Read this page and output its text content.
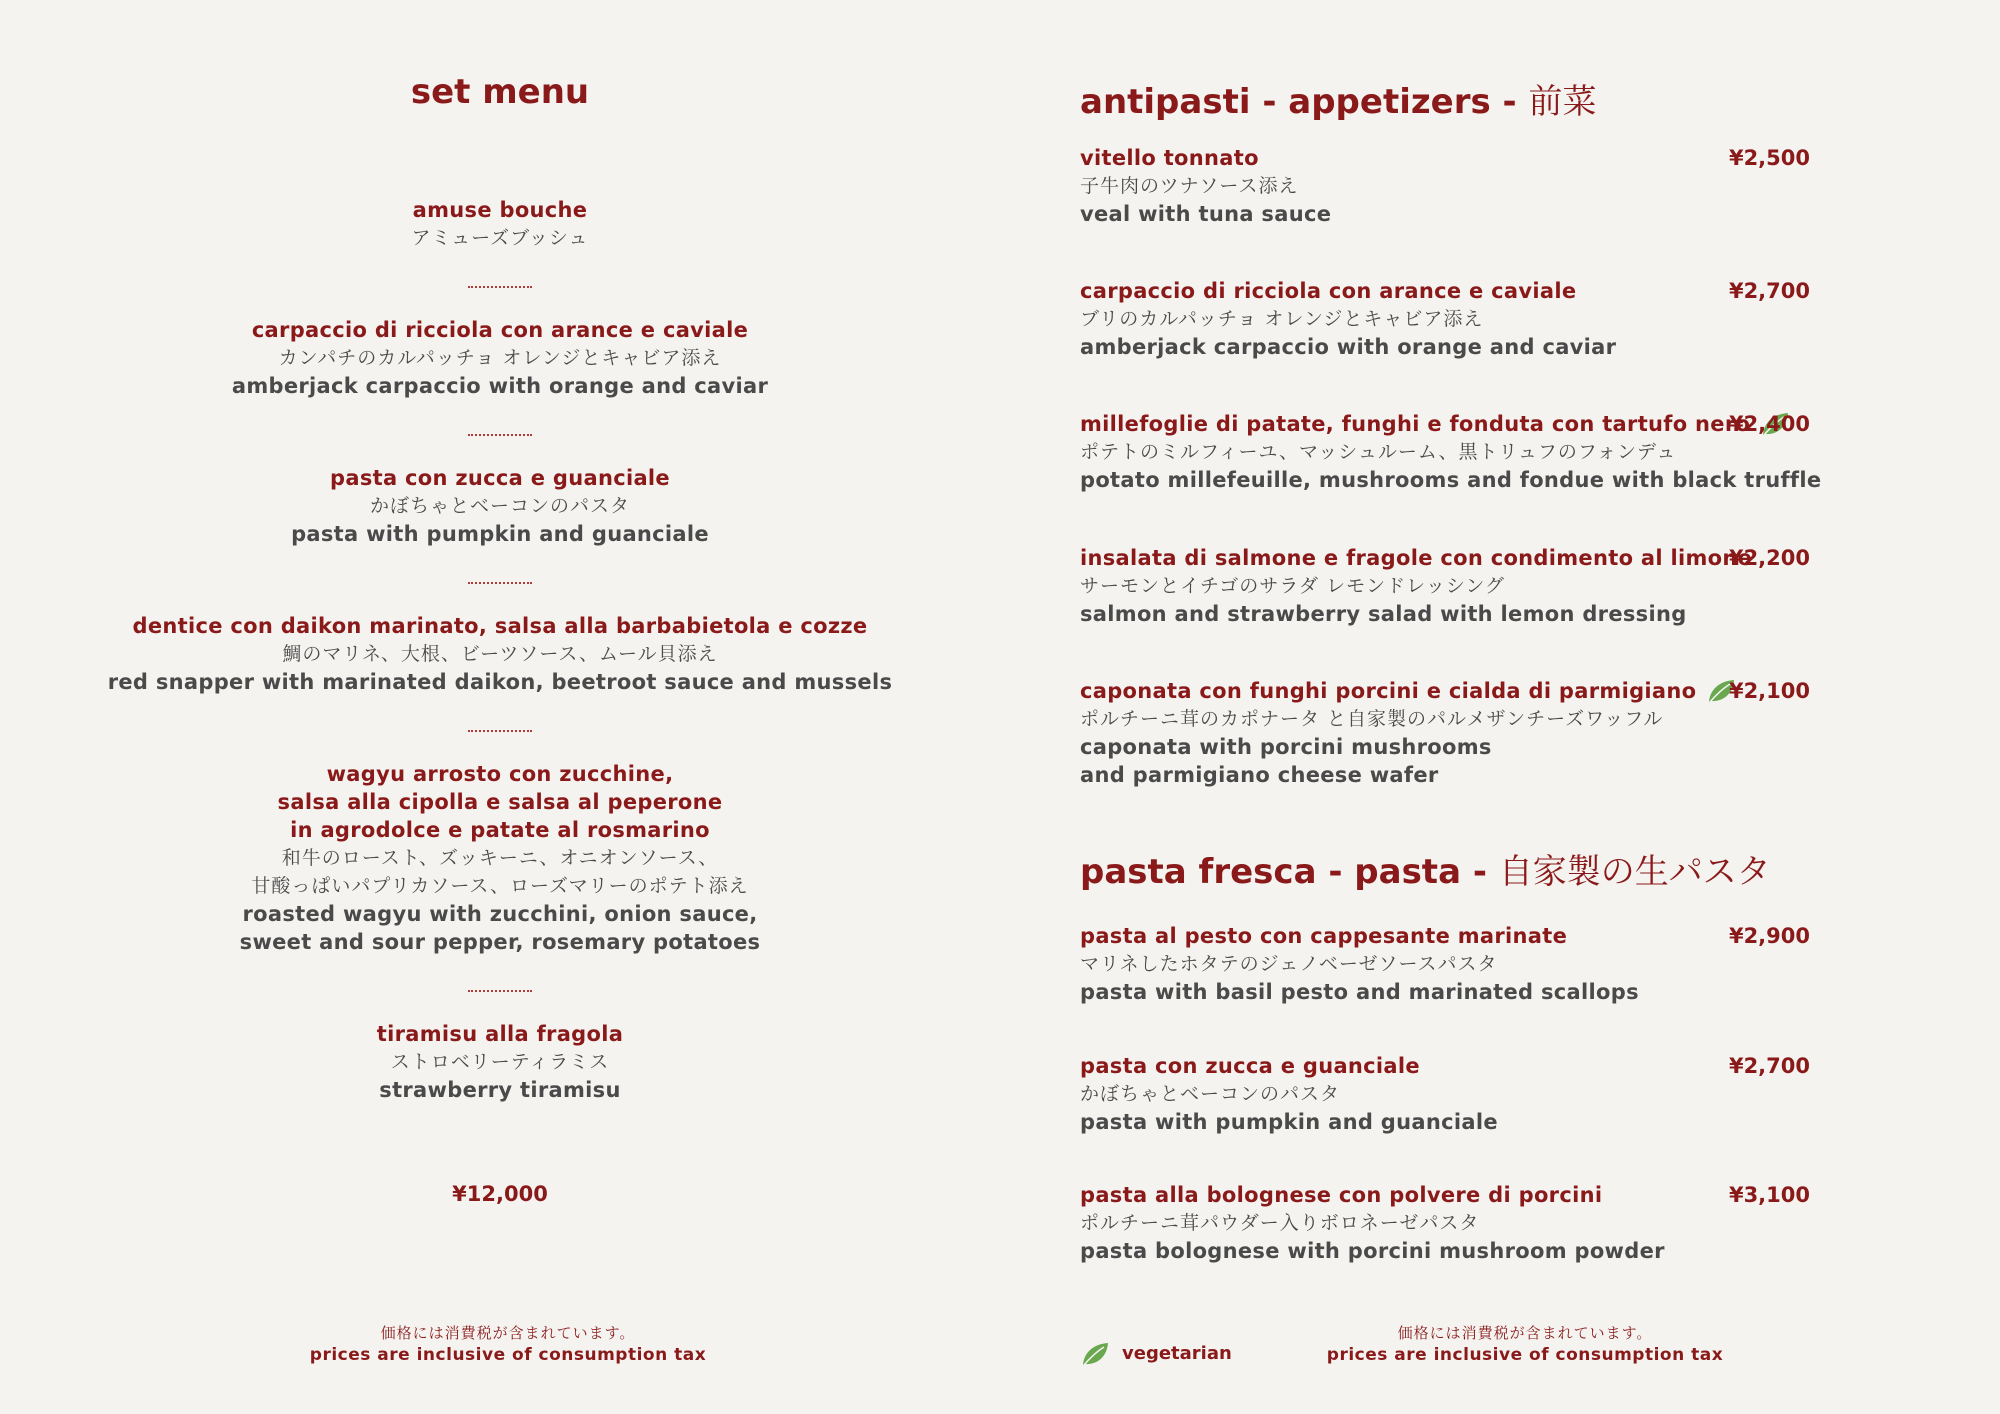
set menu
amuse bouche
アミューズブッシュ
carpaccio di ricciola con arance e caviale
カンパチのカルパッチョ オレンジとキャビア添え
amberjack carpaccio with orange and caviar
pasta con zucca e guanciale
かぼちゃとベーコンのパスタ
pasta with pumpkin and guanciale
dentice con daikon marinato, salsa alla barbabietola e cozze
鯛のマリネ、大根、ビーツソース、ムール貝添え
red snapper with marinated daikon, beetroot sauce and mussels
wagyu arrosto con zucchine,
salsa alla cipolla e salsa al peperone
in agrodolce e patate al rosmarino
和牛のロースト、ズッキーニ、オニオンソース、
甘酸っぱいパプリカソース、ローズマリーのポテト添え
roasted wagyu with zucchini, onion sauce,
sweet and sour pepper, rosemary potatoes
tiramisu alla fragola
ストロベリーティラミス
strawberry tiramisu
¥12,000
価格には消費税が含まれています。
prices are inclusive of consumption tax
antipasti - appetizers - 前菜
vitello tonnato
子牛肉のツナソース添え
veal with tuna sauce
¥2,500
carpaccio di ricciola con arance e caviale
ブリのカルパッチョ オレンジとキャビア添え
amberjack carpaccio with orange and caviar
¥2,700
millefoglie di patate, funghi e fonduta con tartufo nero
ポテトのミルフィーユ、マッシュルーム、黒トリュフのフォンデュ
potato millefeuille, mushrooms and fondue with black truffle
¥2,400
insalata di salmone e fragole con condimento al limone
サーモンとイチゴのサラダ レモンドレッシング
salmon and strawberry salad with lemon dressing
¥2,200
caponata con funghi porcini e cialda di parmigiano
ポルチーニ茸のカポナータ と自家製のパルメザンチーズワッフル
caponata with porcini mushrooms
and parmigiano cheese wafer
¥2,100
pasta fresca - pasta - 自家製の生パスタ
pasta al pesto con cappesante marinate
マリネしたホタテのジェノベーゼソースパスタ
pasta with basil pesto and marinated scallops
¥2,900
pasta con zucca e guanciale
かぼちゃとベーコンのパスタ
pasta with pumpkin and guanciale
¥2,700
pasta alla bolognese con polvere di porcini
ポルチーニ茸パウダー入りボロネーゼパスタ
pasta bolognese with porcini mushroom powder
¥3,100
vegetarian
価格には消費税が含まれています。
prices are inclusive of consumption tax
